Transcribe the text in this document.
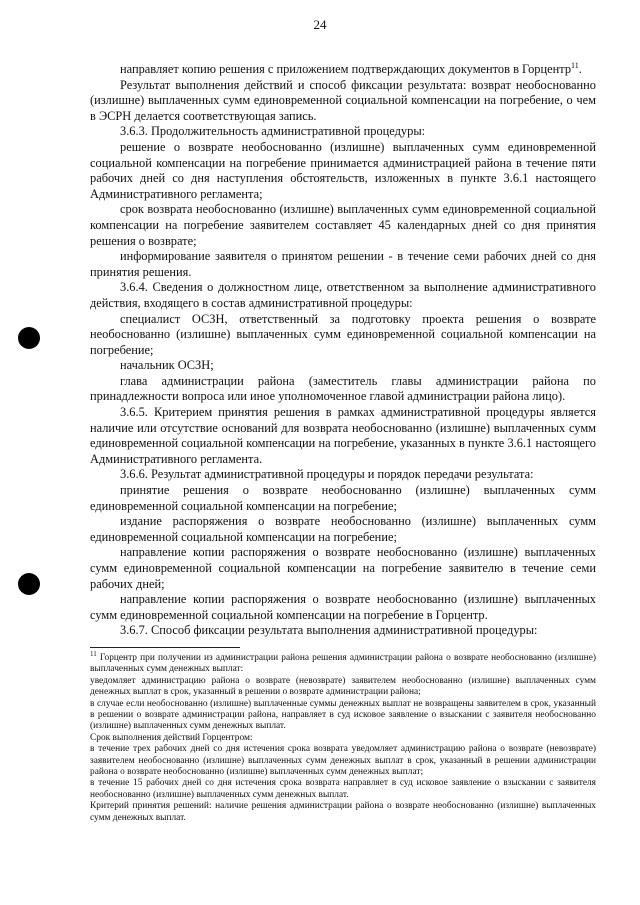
24

направляет копию решения с приложением подтверждающих документов в Горцентр$^{11}$.

Результат выполнения действий и способ фиксации результата: возврат необоснованно (излишне) выплаченных сумм единовременной социальной компенсации на погребение, о чем в ЭСРН делается соответствующая запись.

3.6.3. Продолжительность административной процедуры:

решение о возврате необоснованно (излишне) выплаченных сумм единовременной социальной компенсации на погребение принимается администрацией района в течение пяти рабочих дней со дня наступления обстоятельств, изложенных в пункте 3.6.1 настоящего Административного регламента;

срок возврата необоснованно (излишне) выплаченных сумм единовременной социальной компенсации на погребение заявителем составляет 45 календарных дней со дня принятия решения о возврате;

информирование заявителя о принятом решении - в течение семи рабочих дней со дня принятия решения.

3.6.4. Сведения о должностном лице, ответственном за выполнение административного действия, входящего в состав административной процедуры:

специалист ОСЗН, ответственный за подготовку проекта решения о возврате необоснованно (излишне) выплаченных сумм единовременной социальной компенсации на погребение;

начальник ОСЗН;

глава администрации района (заместитель главы администрации района по принадлежности вопроса или иное уполномоченное главой администрации района лицо).

3.6.5. Критерием принятия решения в рамках административной процедуры является наличие или отсутствие оснований для возврата необоснованно (излишне) выплаченных сумм единовременной социальной компенсации на погребение, указанных в пункте 3.6.1 настоящего Административного регламента.

3.6.6. Результат административной процедуры и порядок передачи результата:

принятие решения о возврате необоснованно (излишне) выплаченных сумм единовременной социальной компенсации на погребение;

издание распоряжения о возврате необоснованно (излишне) выплаченных сумм единовременной социальной компенсации на погребение;

направление копии распоряжения о возврате необоснованно (излишне) выплаченных сумм единовременной социальной компенсации на погребение заявителю в течение семи рабочих дней;

направление копии распоряжения о возврате необоснованно (излишне) выплаченных сумм единовременной социальной компенсации на погребение в Горцентр.

3.6.7. Способ фиксации результата выполнения административной процедуры:

$^{11}$ Горцентр при получении из администрации района решения администрации района о возврате необоснованно (излишне) выплаченных сумм денежных выплат:

уведомляет администрацию района о возврате (невозврате) заявителем необоснованно (излишне) выплаченных сумм денежных выплат в срок, указанный в решении о возврате администрации района;

в случае если необоснованно (излишне) выплаченные суммы денежных выплат не возвращены заявителем в срок, указанный в решении о возврате администрации района, направляет в суд исковое заявление о взыскании с заявителя необоснованно (излишне) выплаченных сумм денежных выплат.

Срок выполнения действий Горцентром:

в течение трех рабочих дней со дня истечения срока возврата уведомляет администрацию района о возврате (невозврате) заявителем необоснованно (излишне) выплаченных сумм денежных выплат в срок, указанный в решении администрации района о возврате необоснованно (излишне) выплаченных сумм денежных выплат;

в течение 15 рабочих дней со дня истечения срока возврата направляет в суд исковое заявление о взыскании с заявителя необоснованно (излишне) выплаченных сумм денежных выплат.

Критерий принятия решений: наличие решения администрации района о возврате необоснованно (излишне) выплаченных сумм денежных выплат.
